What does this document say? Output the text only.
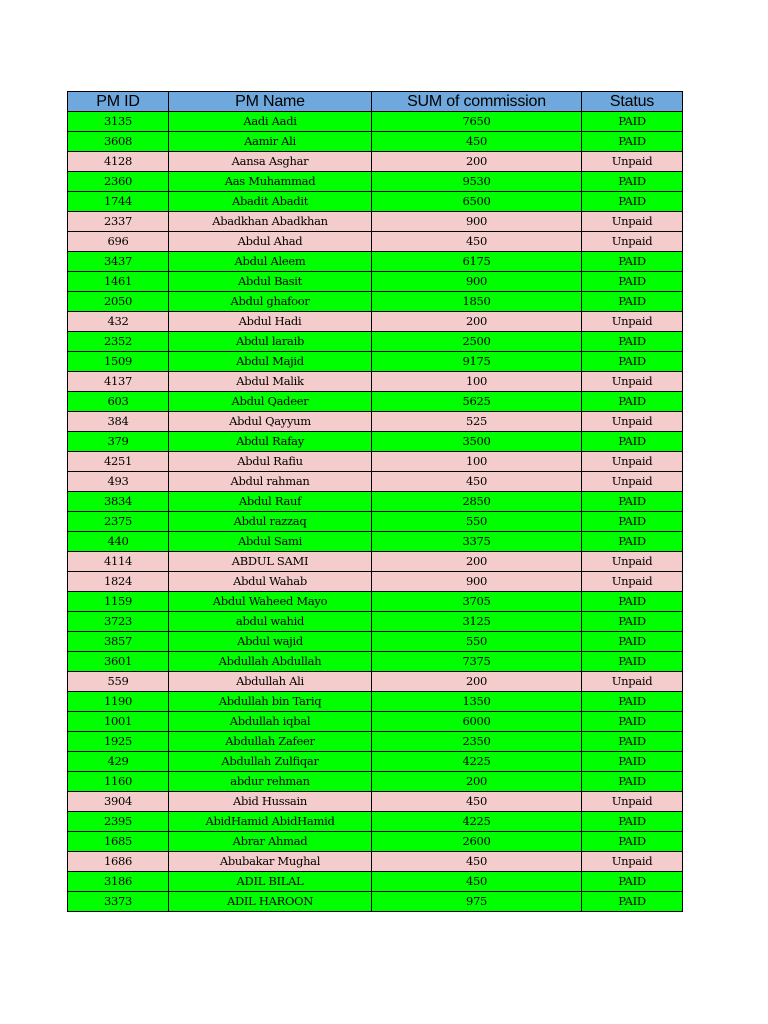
PM ID	PM Name	SUM of commission	Status
3135	Aadi Aadi	7650	PAID
3608	Aamir Ali	450	PAID
4128	Aansa Asghar	200	Unpaid
2360	Aas Muhammad	9530	PAID
1744	Abadit Abadit	6500	PAID
2337	Abadkhan Abadkhan	900	Unpaid
696	Abdul Ahad	450	Unpaid
3437	Abdul Aleem	6175	PAID
1461	Abdul Basit	900	PAID
2050	Abdul ghafoor	1850	PAID
432	Abdul Hadi	200	Unpaid
2352	Abdul laraib	2500	PAID
1509	Abdul Majid	9175	PAID
4137	Abdul Malik	100	Unpaid
603	Abdul Qadeer	5625	PAID
384	Abdul Qayyum	525	Unpaid
379	Abdul Rafay	3500	PAID
4251	Abdul Rafiu	100	Unpaid
493	Abdul rahman	450	Unpaid
3834	Abdul Rauf	2850	PAID
2375	Abdul razzaq	550	PAID
440	Abdul Sami	3375	PAID
4114	ABDUL SAMI	200	Unpaid
1824	Abdul Wahab	900	Unpaid
1159	Abdul Waheed Mayo	3705	PAID
3723	abdul wahid	3125	PAID
3857	Abdul wajid	550	PAID
3601	Abdullah Abdullah	7375	PAID
559	Abdullah Ali	200	Unpaid
1190	Abdullah bin Tariq	1350	PAID
1001	Abdullah iqbal	6000	PAID
1925	Abdullah Zafeer	2350	PAID
429	Abdullah Zulfiqar	4225	PAID
1160	abdur rehman	200	PAID
3904	Abid Hussain	450	Unpaid
2395	AbidHamid AbidHamid	4225	PAID
1685	Abrar Ahmad	2600	PAID
1686	Abubakar Mughal	450	Unpaid
3186	ADIL BILAL	450	PAID
3373	ADIL HAROON	975	PAID
